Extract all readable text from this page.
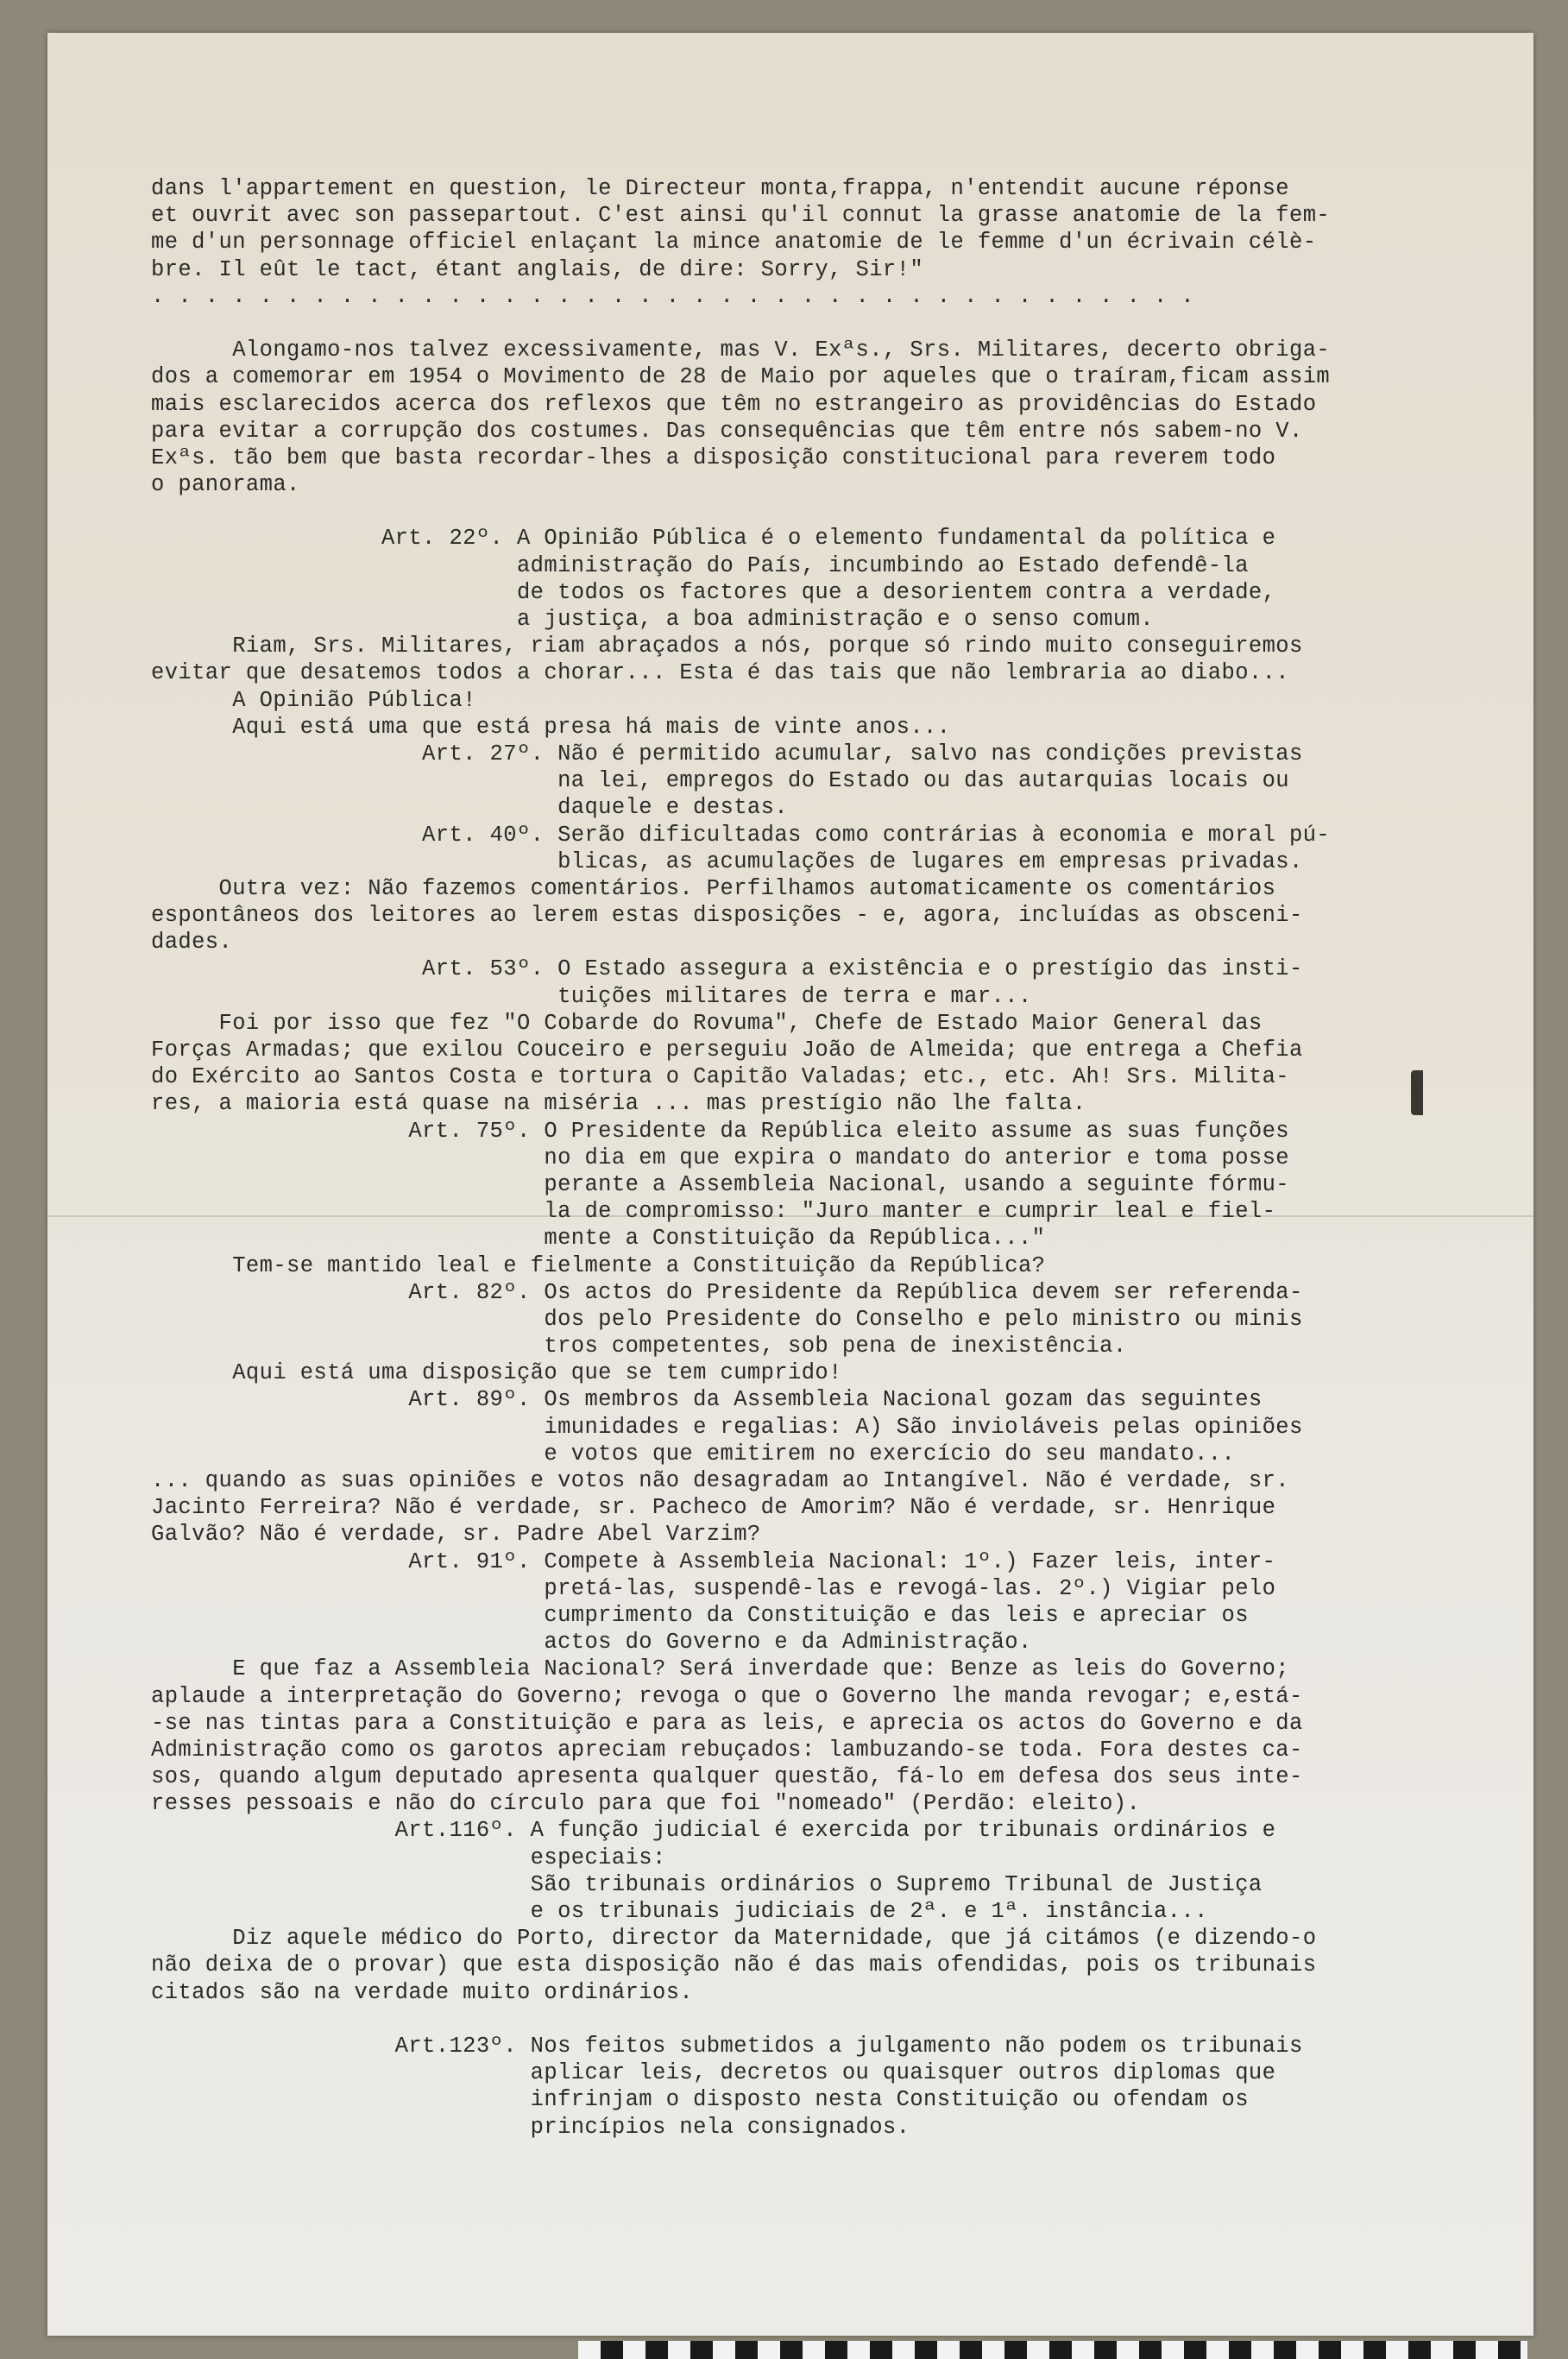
dans l'appartement en question, le Directeur monta,frappa, n'entendit aucune réponse
et ouvrit avec son passepartout. C'est ainsi qu'il connut la grasse anatomie de la fem-
me d'un personnage officiel enlaçant la mince anatomie de le femme d'un écrivain célè-
bre. Il eût le tact, étant anglais, de dire: Sorry, Sir!"
. . . . . . . . . . . . . . . . . . . . . . . . . . . . . . . . . . . . . . .
Alongamo-nos talvez excessivamente, mas V. Exªs., Srs. Militares, decerto obriga-
dos a comemorar em 1954 o Movimento de 28 de Maio por aqueles que o traíram,ficam assim
mais esclarecidos acerca dos reflexos que têm no estrangeiro as providências do Estado
para evitar a corrupção dos costumes. Das consequências que têm entre nós sabem-no V.
Exªs. tão bem que basta recordar-lhes a disposição constitucional para reverem todo
o panorama.
Art. 22º. A Opinião Pública é o elemento fundamental da política e
administração do País, incumbindo ao Estado defendê-la
de todos os factores que a desorientem contra a verdade,
a justiça, a boa administração e o senso comum.
Riam, Srs. Militares, riam abraçados a nós, porque só rindo muito conseguiremos
evitar que desatemos todos a chorar... Esta é das tais que não lembraria ao diabo...
A Opinião Pública!
Aqui está uma que está presa há mais de vinte anos...
Art. 27º. Não é permitido acumular, salvo nas condições previstas
na lei, empregos do Estado ou das autarquias locais ou
daquele e destas.
Art. 40º. Serão dificultadas como contrárias à economia e moral pú-
blicas, as acumulações de lugares em empresas privadas.
Outra vez: Não fazemos comentários. Perfilhamos automaticamente os comentários
espontâneos dos leitores ao lerem estas disposições - e, agora, incluídas as obsceni-
dades.
Art. 53º. O Estado assegura a existência e o prestígio das insti-
tuições militares de terra e mar...
Foi por isso que fez "O Cobarde do Rovuma", Chefe de Estado Maior General das
Forças Armadas; que exilou Couceiro e perseguiu João de Almeida; que entrega a Chefia
do Exército ao Santos Costa e tortura o Capitão Valadas; etc., etc. Ah! Srs. Milita-
res, a maioria está quase na miséria ... mas prestígio não lhe falta.
Art. 75º. O Presidente da República eleito assume as suas funções
no dia em que expira o mandato do anterior e toma posse
perante a Assembleia Nacional, usando a seguinte fórmu-
la de compromisso: "Juro manter e cumprir leal e fiel-
mente a Constituição da República..."
Tem-se mantido leal e fielmente a Constituição da República?
Art. 82º. Os actos do Presidente da República devem ser referenda-
dos pelo Presidente do Conselho e pelo ministro ou minis
tros competentes, sob pena de inexistência.
Aqui está uma disposição que se tem cumprido!
Art. 89º. Os membros da Assembleia Nacional gozam das seguintes
imunidades e regalias: A) São invioláveis pelas opiniões
e votos que emitirem no exercício do seu mandato...
... quando as suas opiniões e votos não desagradam ao Intangível. Não é verdade, sr.
Jacinto Ferreira? Não é verdade, sr. Pacheco de Amorim? Não é verdade, sr. Henrique
Galvão? Não é verdade, sr. Padre Abel Varzim?
Art. 91º. Compete à Assembleia Nacional: 1º.) Fazer leis, inter-
pretá-las, suspendê-las e revogá-las. 2º.) Vigiar pelo
cumprimento da Constituição e das leis e apreciar os
actos do Governo e da Administração.
E que faz a Assembleia Nacional? Será inverdade que: Benze as leis do Governo;
aplaude a interpretação do Governo; revoga o que o Governo lhe manda revogar; e,está-
-se nas tintas para a Constituição e para as leis, e aprecia os actos do Governo e da
Administração como os garotos apreciam rebuçados: lambuzando-se toda. Fora destes ca-
sos, quando algum deputado apresenta qualquer questão, fá-lo em defesa dos seus inte-
resses pessoais e não do círculo para que foi "nomeado" (Perdão: eleito).
Art.116º. A função judicial é exercida por tribunais ordinários e
especiais:
São tribunais ordinários o Supremo Tribunal de Justiça
e os tribunais judiciais de 2ª. e 1ª. instância...
Diz aquele médico do Porto, director da Maternidade, que já citámos (e dizendo-o
não deixa de o provar) que esta disposição não é das mais ofendidas, pois os tribunais
citados são na verdade muito ordinários.
Art.123º. Nos feitos submetidos a julgamento não podem os tribunais
aplicar leis, decretos ou quaisquer outros diplomas que
infrinjam o disposto nesta Constituição ou ofendam os
princípios nela consignados.
